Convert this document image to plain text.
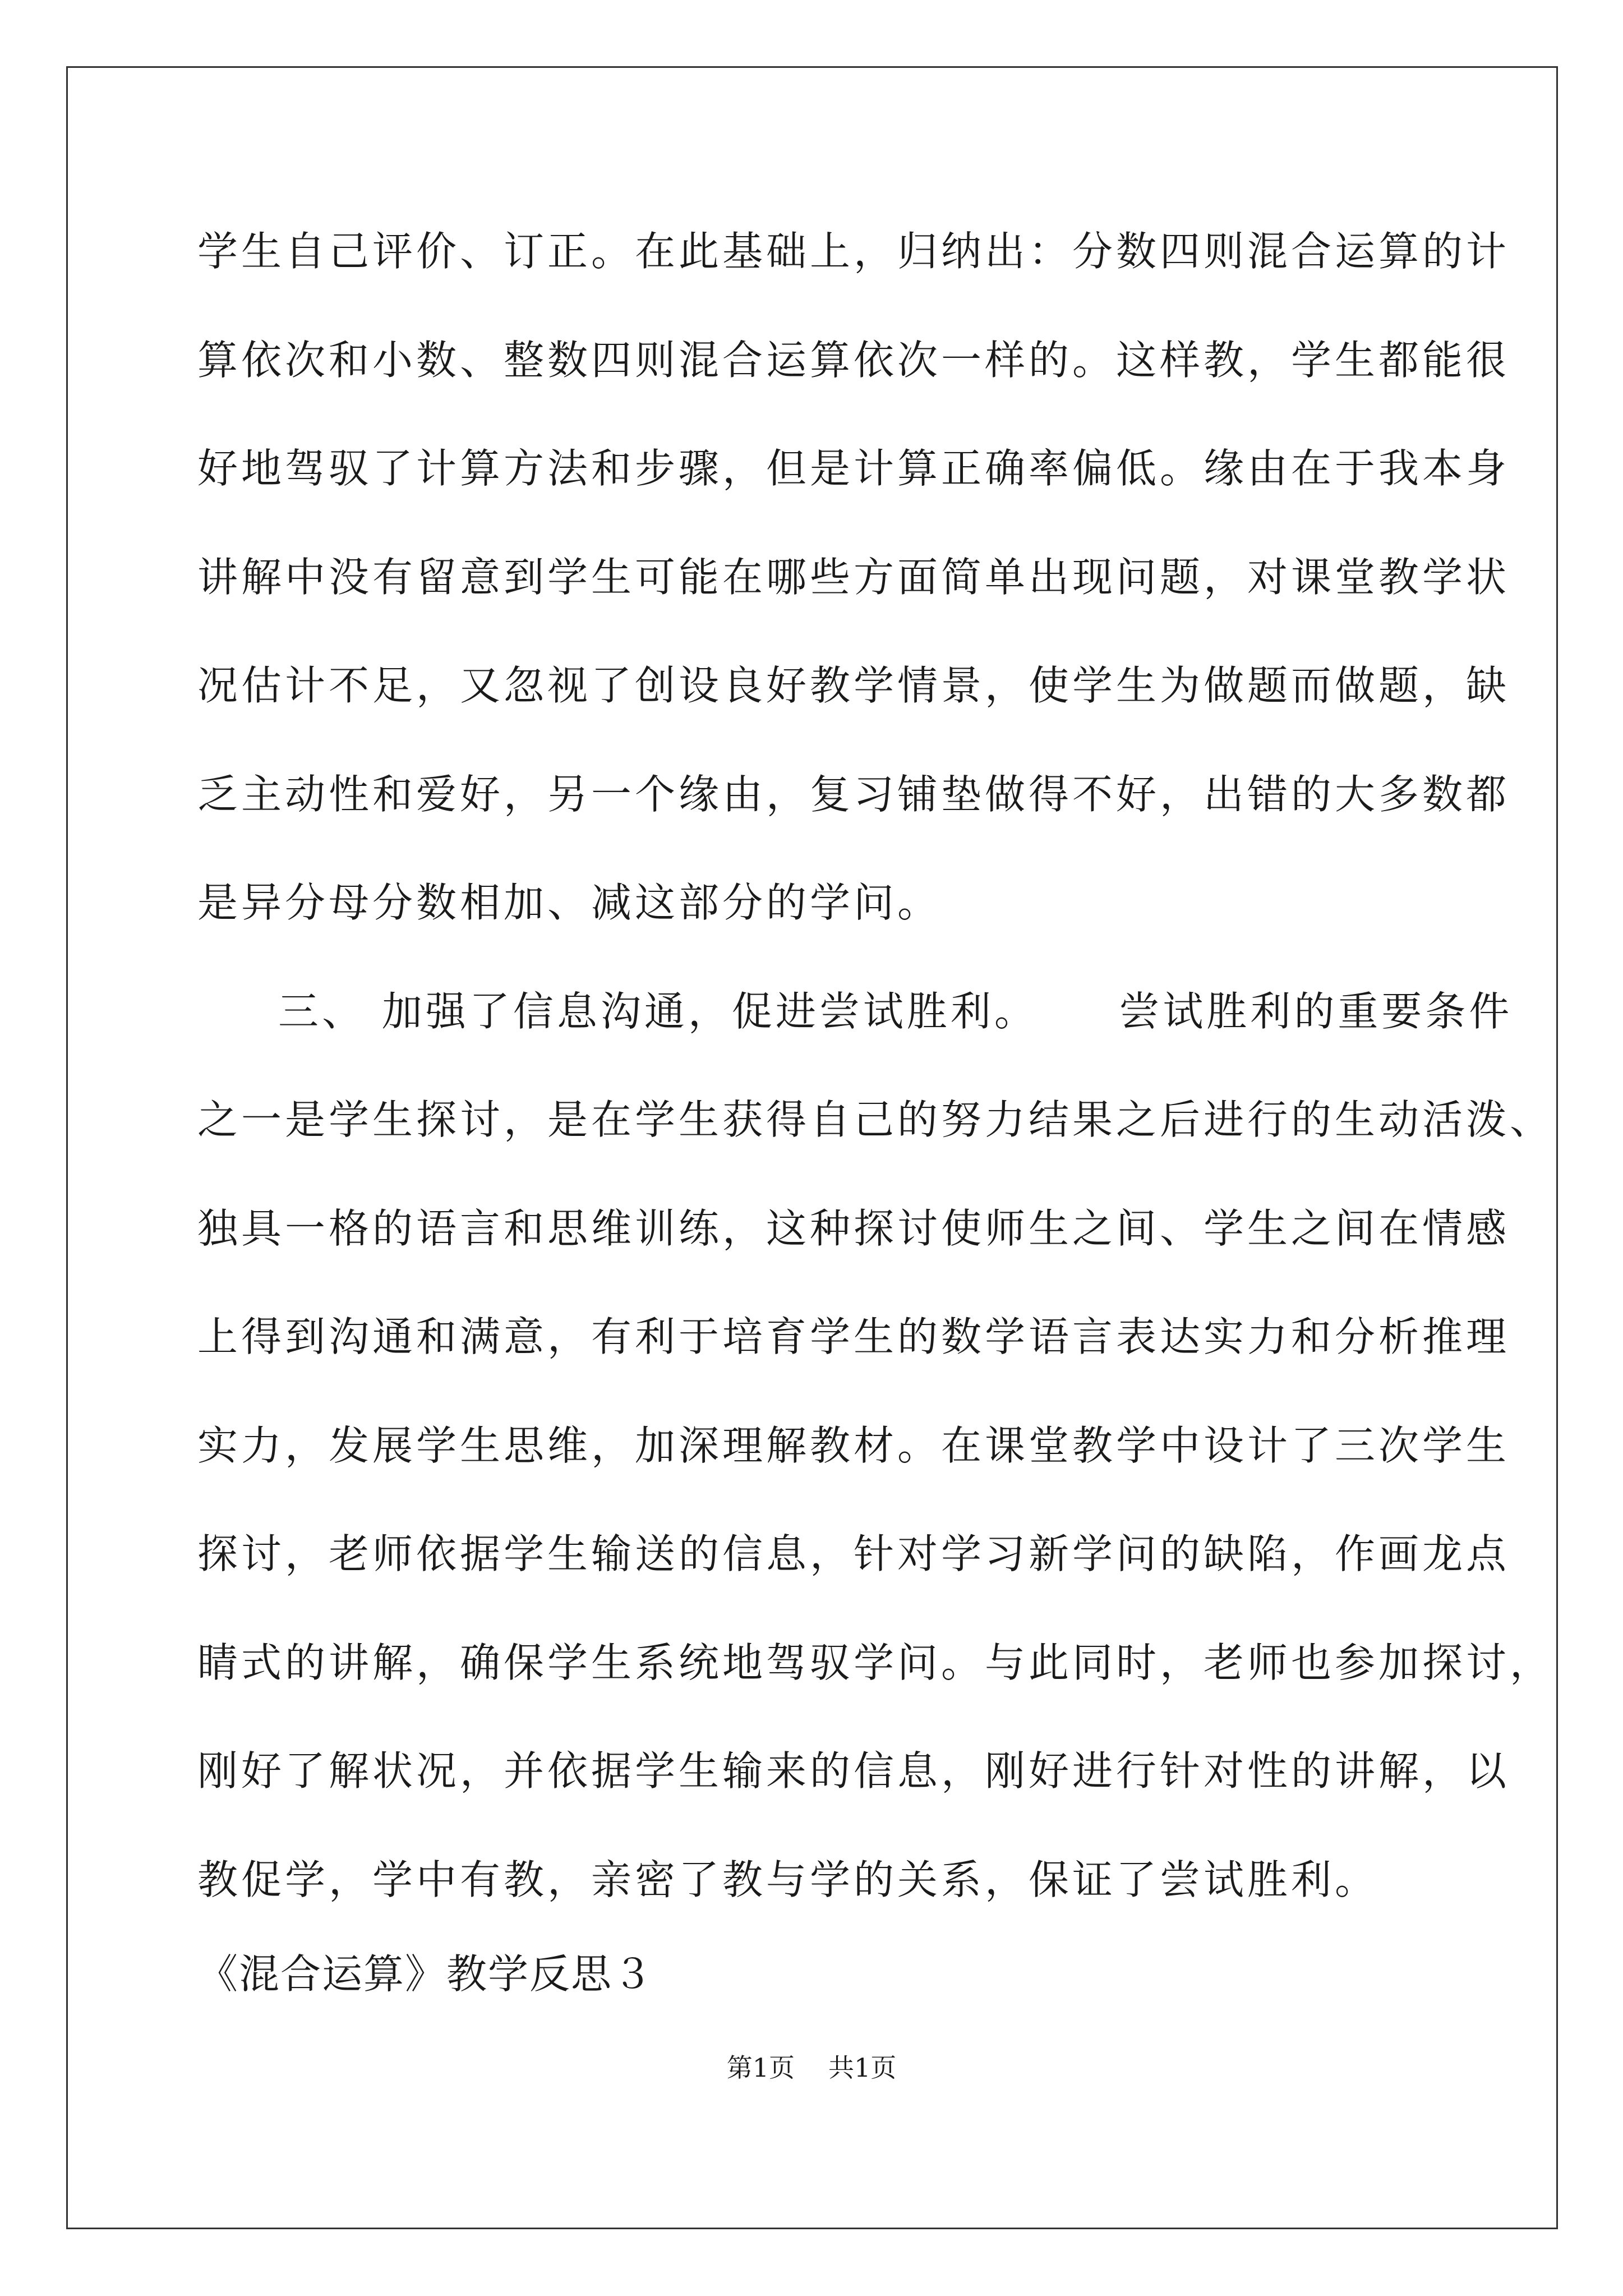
学生自己评价、订正。在此基础上，归纳出：分数四则混合运算的计
算依次和小数、整数四则混合运算依次一样的。这样教，学生都能很
好地驾驭了计算方法和步骤，但是计算正确率偏低。缘由在于我本身
讲解中没有留意到学生可能在哪些方面简单出现问题，对课堂教学状
况估计不足，又忽视了创设良好教学情景，使学生为做题而做题，缺
乏主动性和爱好，另一个缘由，复习铺垫做得不好，出错的大多数都
是异分母分数相加、减这部分的学问。
三、 加强了信息沟通，促进尝试胜利。     尝试胜利的重要条件
之一是学生探讨，是在学生获得自己的努力结果之后进行的生动活泼、
独具一格的语言和思维训练，这种探讨使师生之间、学生之间在情感
上得到沟通和满意，有利于培育学生的数学语言表达实力和分析推理
实力，发展学生思维，加深理解教材。在课堂教学中设计了三次学生
探讨，老师依据学生输送的信息，针对学习新学问的缺陷，作画龙点
睛式的讲解，确保学生系统地驾驭学问。与此同时，老师也参加探讨，
刚好了解状况，并依据学生输来的信息，刚好进行针对性的讲解，以
教促学，学中有教，亲密了教与学的关系，保证了尝试胜利。
《混合运算》教学反思３
第1页 共1页
